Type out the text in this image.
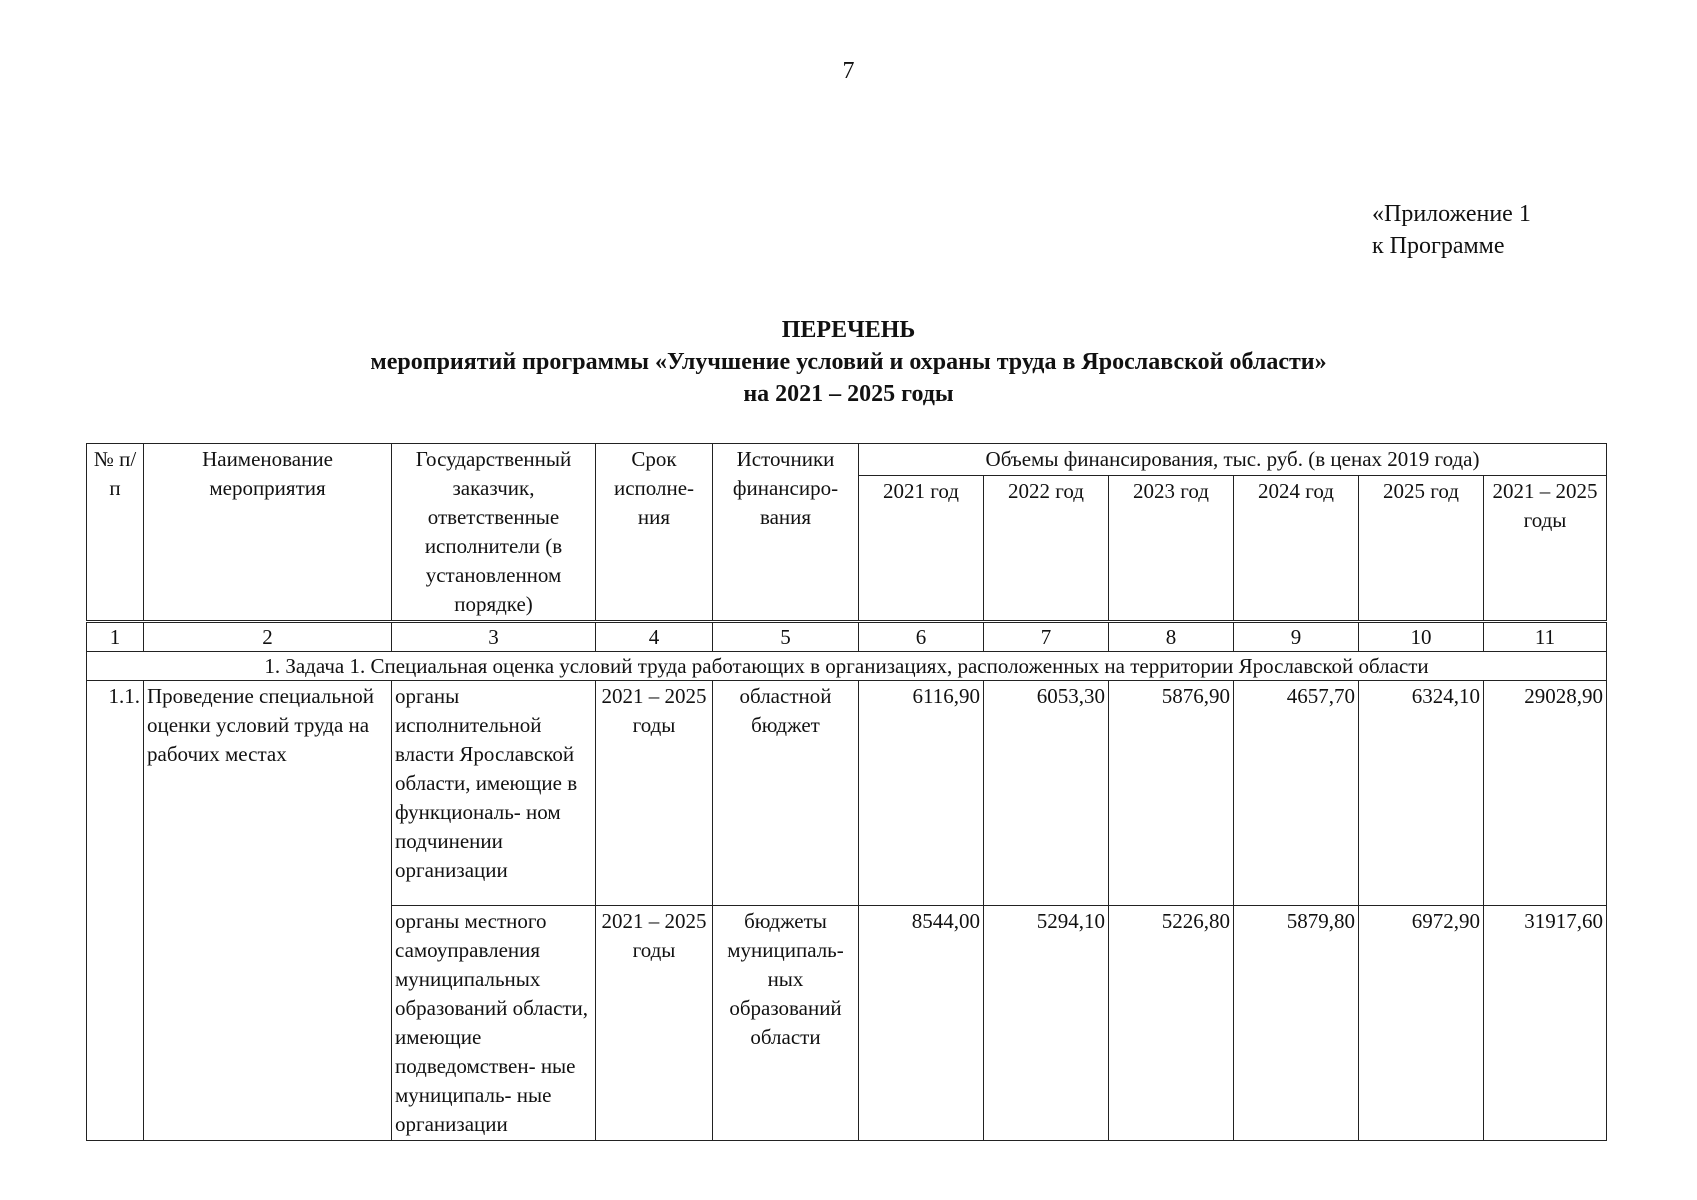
7
«Приложение 1
к Программе
ПЕРЕЧЕНЬ
мероприятий программы «Улучшение условий и охраны труда в Ярославской области»
на 2021 – 2025 годы
№ п/п	Наименование мероприятия	Государственный заказчик, ответственные исполнители (в установленном порядке)	Срок исполне- ния	Источники финансиро- вания	Объемы финансирования, тыс. руб. (в ценах 2019 года)					
					2021 год	2022 год	2023 год	2024 год	2025 год	2021 – 2025 годы
1	2	3	4	5	6	7	8	9	10	11
1. Задача 1. Специальная оценка условий труда работающих в организациях, расположенных на территории Ярославской области										
1.1.	Проведение специальной оценки условий труда на рабочих местах	органы исполнительной власти Ярославской области, имеющие в функциональ- ном подчинении организации	2021 – 2025 годы	областной бюджет	6116,90	6053,30	5876,90	4657,70	6324,10	29028,90
		органы местного самоуправления муниципальных образований области, имеющие подведомствен- ные муниципаль- ные организации	2021 – 2025 годы	бюджеты муниципаль- ных образований области	8544,00	5294,10	5226,80	5879,80	6972,90	31917,60
